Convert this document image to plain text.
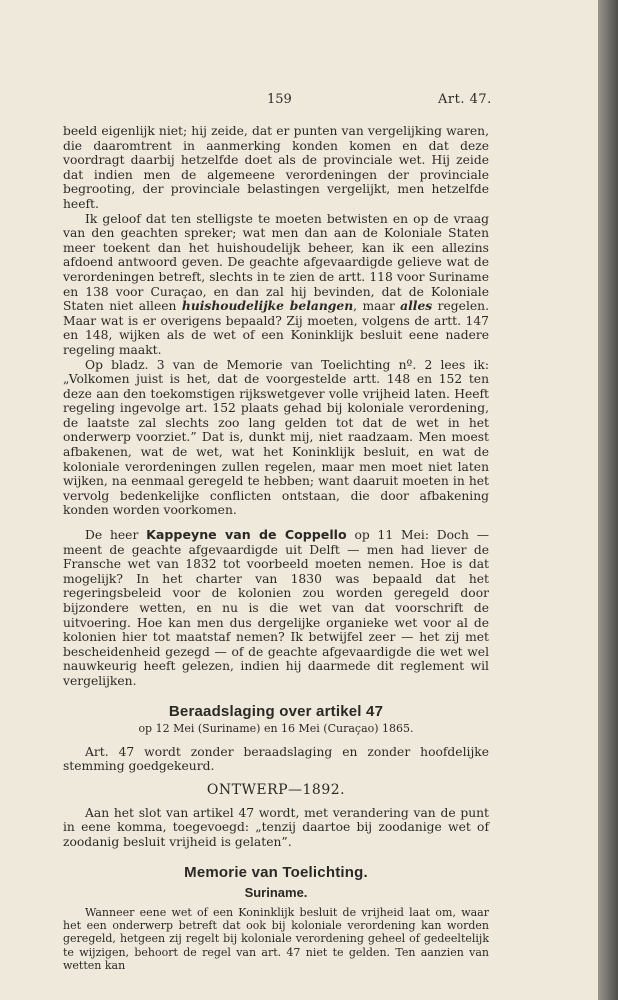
159	Art. 47.

beeld eigenlijk niet; hij zeide, dat er punten van vergelijking waren, die daaromtrent in aanmerking konden komen en dat deze voordragt daarbij hetzelfde doet als de provinciale wet. Hij zeide dat indien men de algemeene verordeningen der provinciale begrooting, der provinciale belastingen vergelijkt, men hetzelfde heeft.

Ik geloof dat ten stelligste te moeten betwisten en op de vraag van den geachten spreker; wat men dan aan de Koloniale Staten meer toekent dan het huishoudelijk beheer, kan ik een allezins afdoend antwoord geven. De geachte afgevaardigde gelieve wat de verordeningen betreft, slechts in te zien de artt. 118 voor Suriname en 138 voor Curaçao, en dan zal hij bevinden, dat de Koloniale Staten niet alleen huishoudelijke belangen, maar alles regelen. Maar wat is er overigens bepaald? Zij moeten, volgens de artt. 147 en 148, wijken als de wet of een Koninklijk besluit eene nadere regeling maakt.

Op bladz. 3 van de Memorie van Toelichting nº. 2 lees ik: „Volkomen juist is het, dat de voorgestelde artt. 148 en 152 ten deze aan den toekomstigen rijkswetgever volle vrijheid laten. Heeft regeling ingevolge art. 152 plaats gehad bij koloniale verordening, de laatste zal slechts zoo lang gelden tot dat de wet in het onderwerp voorziet.” Dat is, dunkt mij, niet raadzaam. Men moest afbakenen, wat de wet, wat het Koninklijk besluit, en wat de koloniale verordeningen zullen regelen, maar men moet niet laten wijken, na eenmaal geregeld te hebben; want daaruit moeten in het vervolg bedenkelijke conflicten ontstaan, die door afbakening konden worden voorkomen.

De heer Kappeyne van de Coppello op 11 Mei: Doch — meent de geachte afgevaardigde uit Delft — men had liever de Fransche wet van 1832 tot voorbeeld moeten nemen. Hoe is dat mogelijk? In het charter van 1830 was bepaald dat het regeringsbeleid voor de kolonien zou worden geregeld door bijzondere wetten, en nu is die wet van dat voorschrift de uitvoering. Hoe kan men dus dergelijke organieke wet voor al de kolonien hier tot maatstaf nemen? Ik betwijfel zeer — het zij met bescheidenheid gezegd — of de geachte afgevaardigde die wet wel nauwkeurig heeft gelezen, indien hij daarmede dit reglement wil vergelijken.

Beraadslaging over artikel 47
op 12 Mei (Suriname) en 16 Mei (Curaçao) 1865.

Art. 47 wordt zonder beraadslaging en zonder hoofdelijke stemming goedgekeurd.

ONTWERP—1892.

Aan het slot van artikel 47 wordt, met verandering van de punt in eene komma, toegevoegd: „tenzij daartoe bij zoodanige wet of zoodanig besluit vrijheid is gelaten”.

Memorie van Toelichting.
Suriname.

Wanneer eene wet of een Koninklijk besluit de vrijheid laat om, waar het een onderwerp betreft dat ook bij koloniale verordening kan worden geregeld, hetgeen zij regelt bij koloniale verordening geheel of gedeeltelijk te wijzigen, behoort de regel van art. 47 niet te gelden. Ten aanzien van wetten kan
